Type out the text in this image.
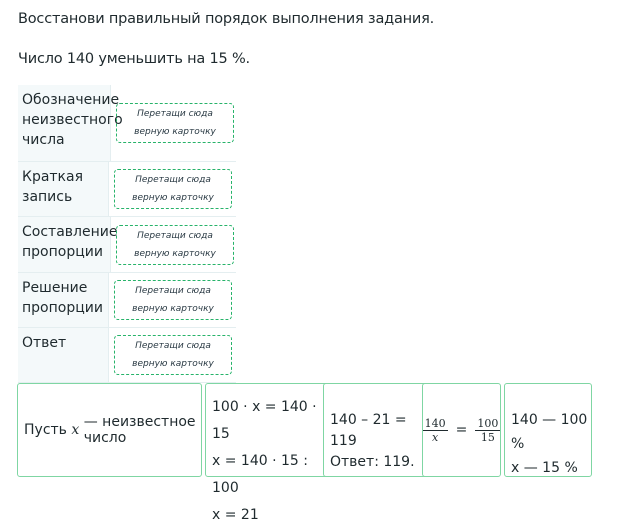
Восстанови правильный порядок выполнения задания.
Число 140 уменьшить на 15 %.
Обозначение неизвестного числа
Перетащи сюда верную карточку
Краткая запись
Перетащи сюда верную карточку
Составление пропорции
Перетащи сюда верную карточку
Решение пропорции
Перетащи сюда верную карточку
Ответ	Перетащи сюда верную карточку
Пусть
x
— неизвестное число
100 · x = 140 · 15
x = 140 · 15 : 100
x = 21
140 – 21 = 119
Ответ: 119.
$\frac{140}{x} = \frac{100}{15} 140$ — 100 %
x — 15 %
